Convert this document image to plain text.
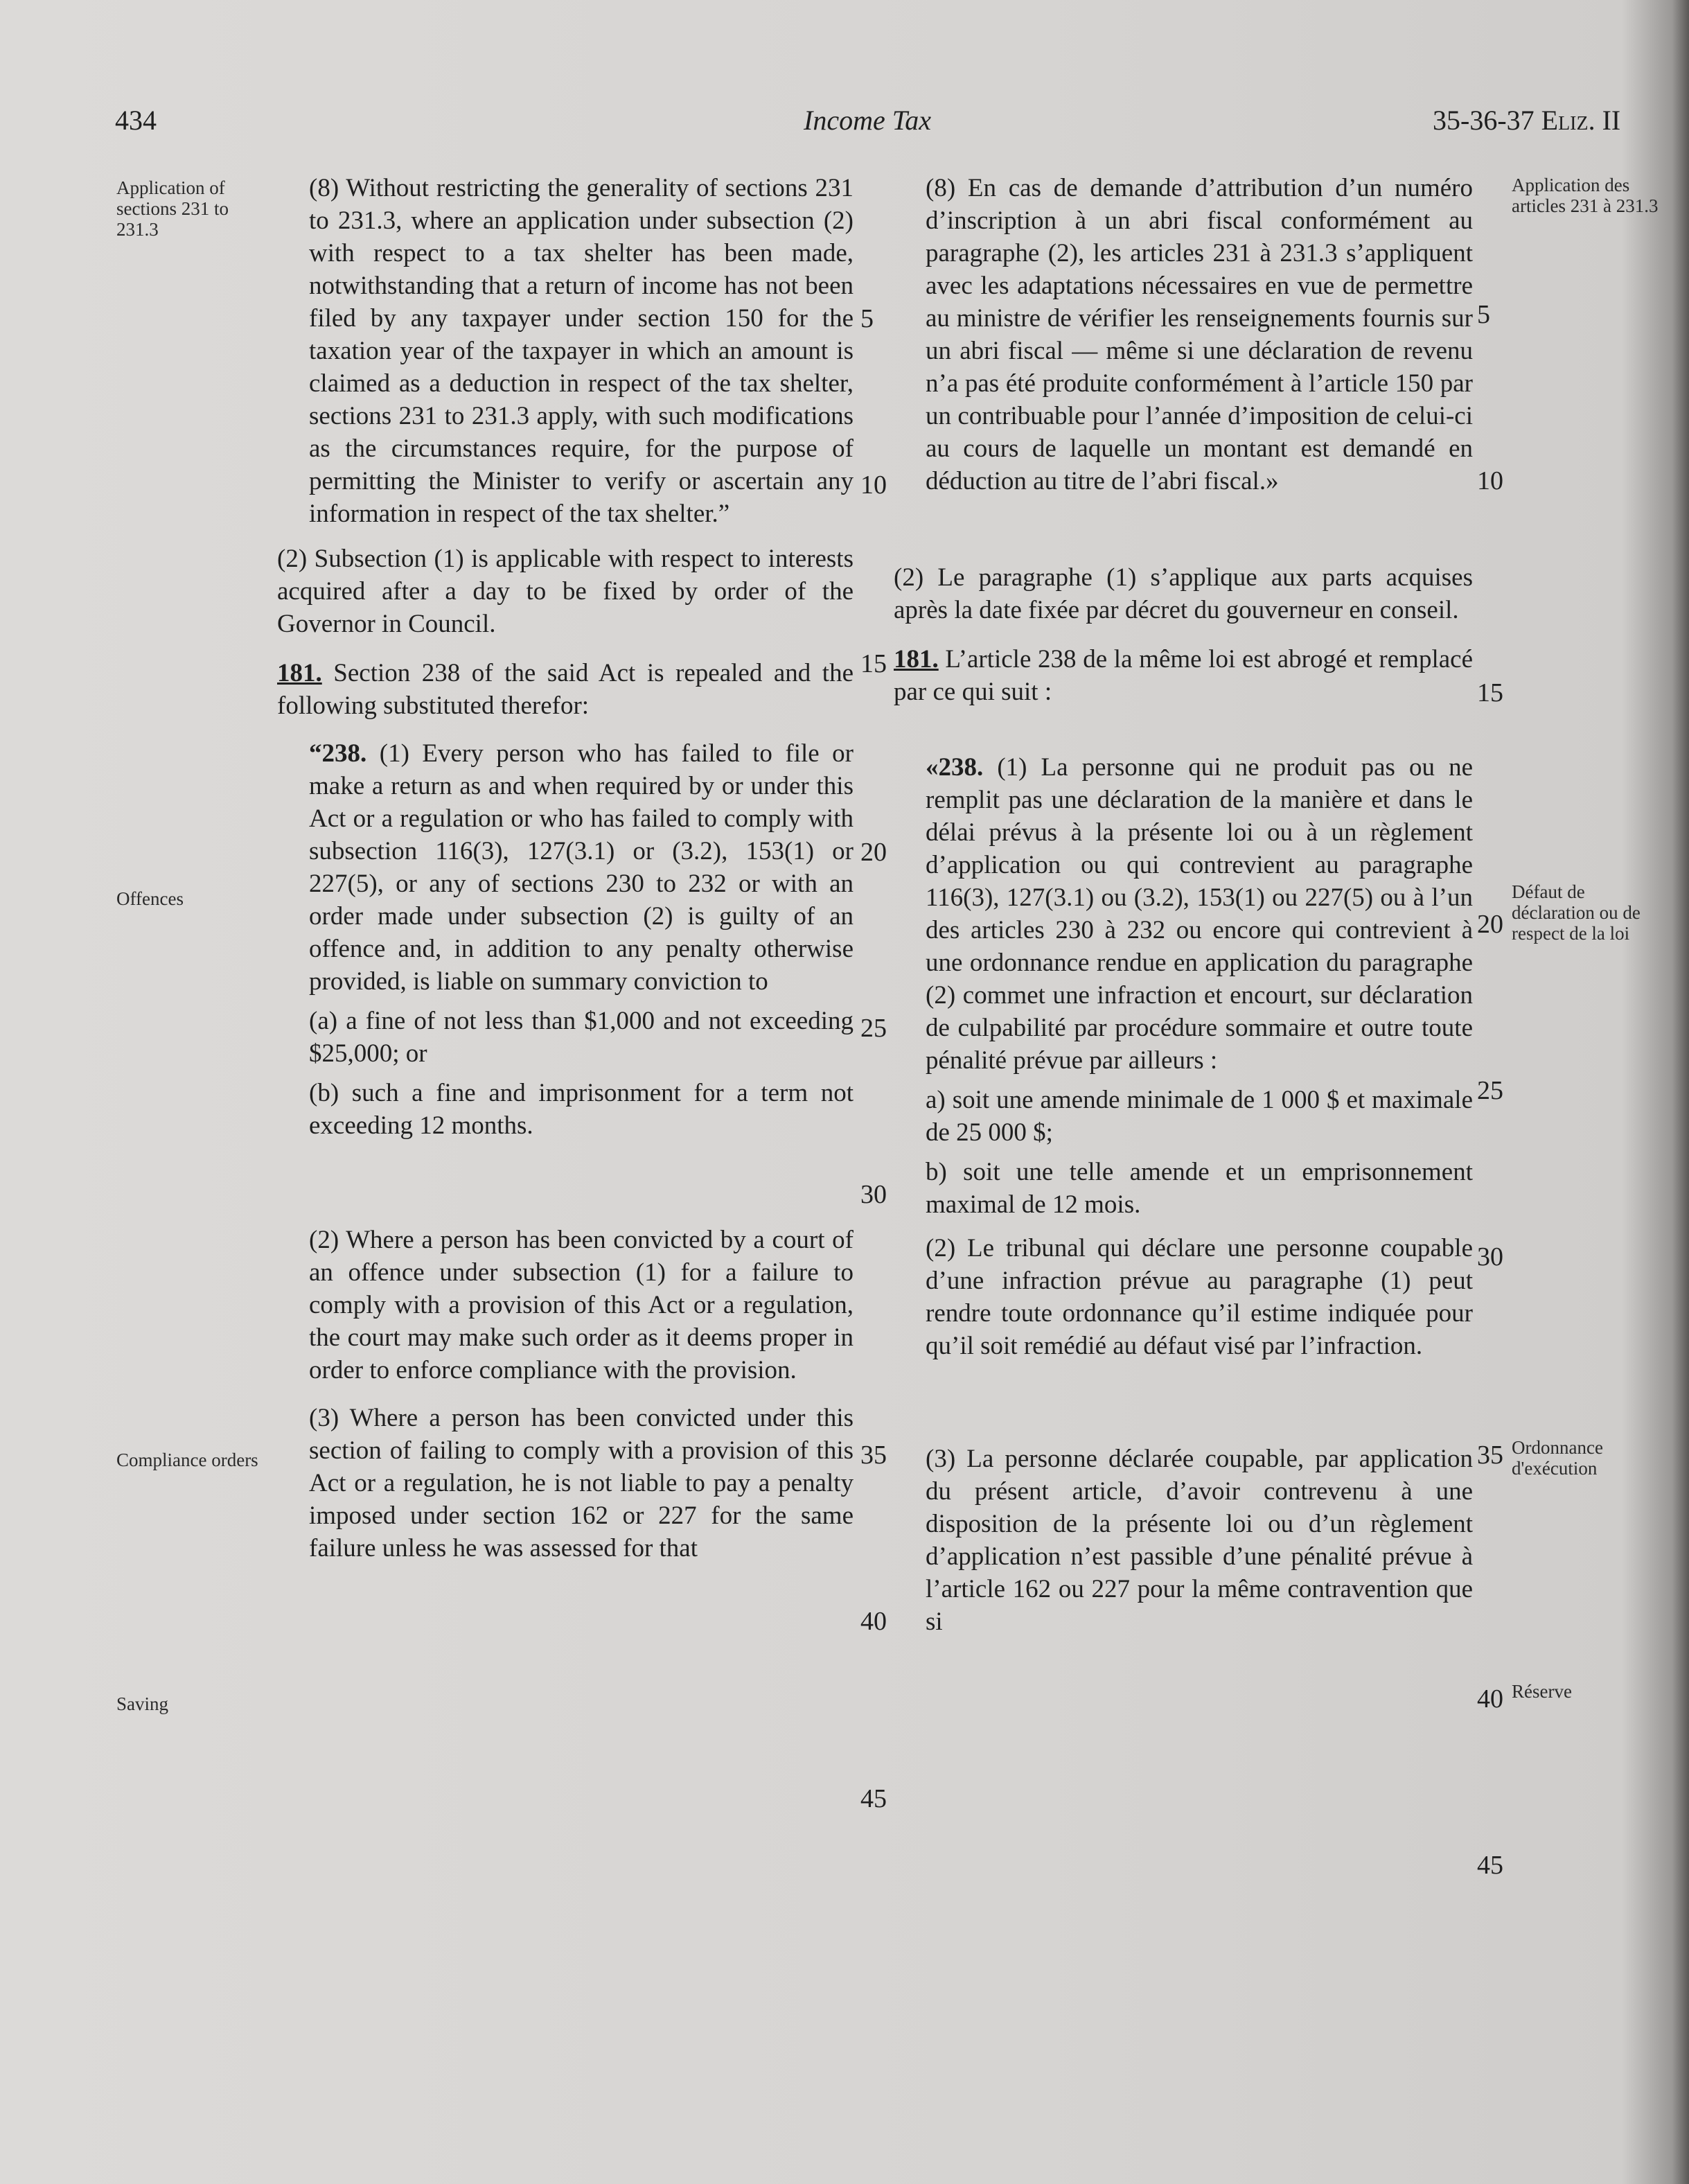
434	Income Tax	35-36-37 Eliz. II
Application of sections 231 to 231.3
Offences
Compliance orders
Saving
Application des articles 231 à 231.3
Défaut de déclaration ou de respect de la loi
Ordonnance d'exécution
Réserve

(8) Without restricting the generality of sections 231 to 231.3, where an application under subsection (2) with respect to a tax shelter has been made, notwithstanding that a return of income has not been filed by any taxpayer under section 150 for the taxation year of the taxpayer in which an amount is claimed as a deduction in respect of the tax shelter, sections 231 to 231.3 apply, with such modifications as the circumstances require, for the purpose of permitting the Minister to verify or ascertain any information in respect of the tax shelter.”

(2) Subsection (1) is applicable with respect to interests acquired after a day to be fixed by order of the Governor in Council.

181. Section 238 of the said Act is repealed and the following substituted therefor:

“238. (1) Every person who has failed to file or make a return as and when required by or under this Act or a regulation or who has failed to comply with subsection 116(3), 127(3.1) or (3.2), 153(1) or 227(5), or any of sections 230 to 232 or with an order made under subsection (2) is guilty of an offence and, in addition to any penalty otherwise provided, is liable on summary conviction to

(a) a fine of not less than $1,000 and not exceeding $25,000; or

(b) such a fine and imprisonment for a term not exceeding 12 months.

(2) Where a person has been convicted by a court of an offence under subsection (1) for a failure to comply with a provision of this Act or a regulation, the court may make such order as it deems proper in order to enforce compliance with the provision.

(3) Where a person has been convicted under this section of failing to comply with a provision of this Act or a regulation, he is not liable to pay a penalty imposed under section 162 or 227 for the same failure unless he was assessed for that

(8) En cas de demande d’attribution d’un numéro d’inscription à un abri fiscal conformément au paragraphe (2), les articles 231 à 231.3 s’appliquent avec les adaptations nécessaires en vue de permettre au ministre de vérifier les renseignements fournis sur un abri fiscal — même si une déclaration de revenu n’a pas été produite conformément à l’article 150 par un contribuable pour l’année d’imposition de celui-ci au cours de laquelle un montant est demandé en déduction au titre de l’abri fiscal.»

(2) Le paragraphe (1) s’applique aux parts acquises après la date fixée par décret du gouverneur en conseil.

181. L’article 238 de la même loi est abrogé et remplacé par ce qui suit :

«238. (1) La personne qui ne produit pas ou ne remplit pas une déclaration de la manière et dans le délai prévus à la présente loi ou à un règlement d’application ou qui contrevient au paragraphe 116(3), 127(3.1) ou (3.2), 153(1) ou 227(5) ou à l’un des articles 230 à 232 ou encore qui contrevient à une ordonnance rendue en application du paragraphe (2) commet une infraction et encourt, sur déclaration de culpabilité par procédure sommaire et outre toute pénalité prévue par ailleurs :

a) soit une amende minimale de 1 000 $ et maximale de 25 000 $;

b) soit une telle amende et un emprisonnement maximal de 12 mois.

(2) Le tribunal qui déclare une personne coupable d’une infraction prévue au paragraphe (1) peut rendre toute ordonnance qu’il estime indiquée pour qu’il soit remédié au défaut visé par l’infraction.

(3) La personne déclarée coupable, par application du présent article, d’avoir contrevenu à une disposition de la présente loi ou d’un règlement d’application n’est passible d’une pénalité prévue à l’article 162 ou 227 pour la même contravention que si

5
10
15
20
25
30
35
40
45
5
10
15
20
25
30
35
40
45
